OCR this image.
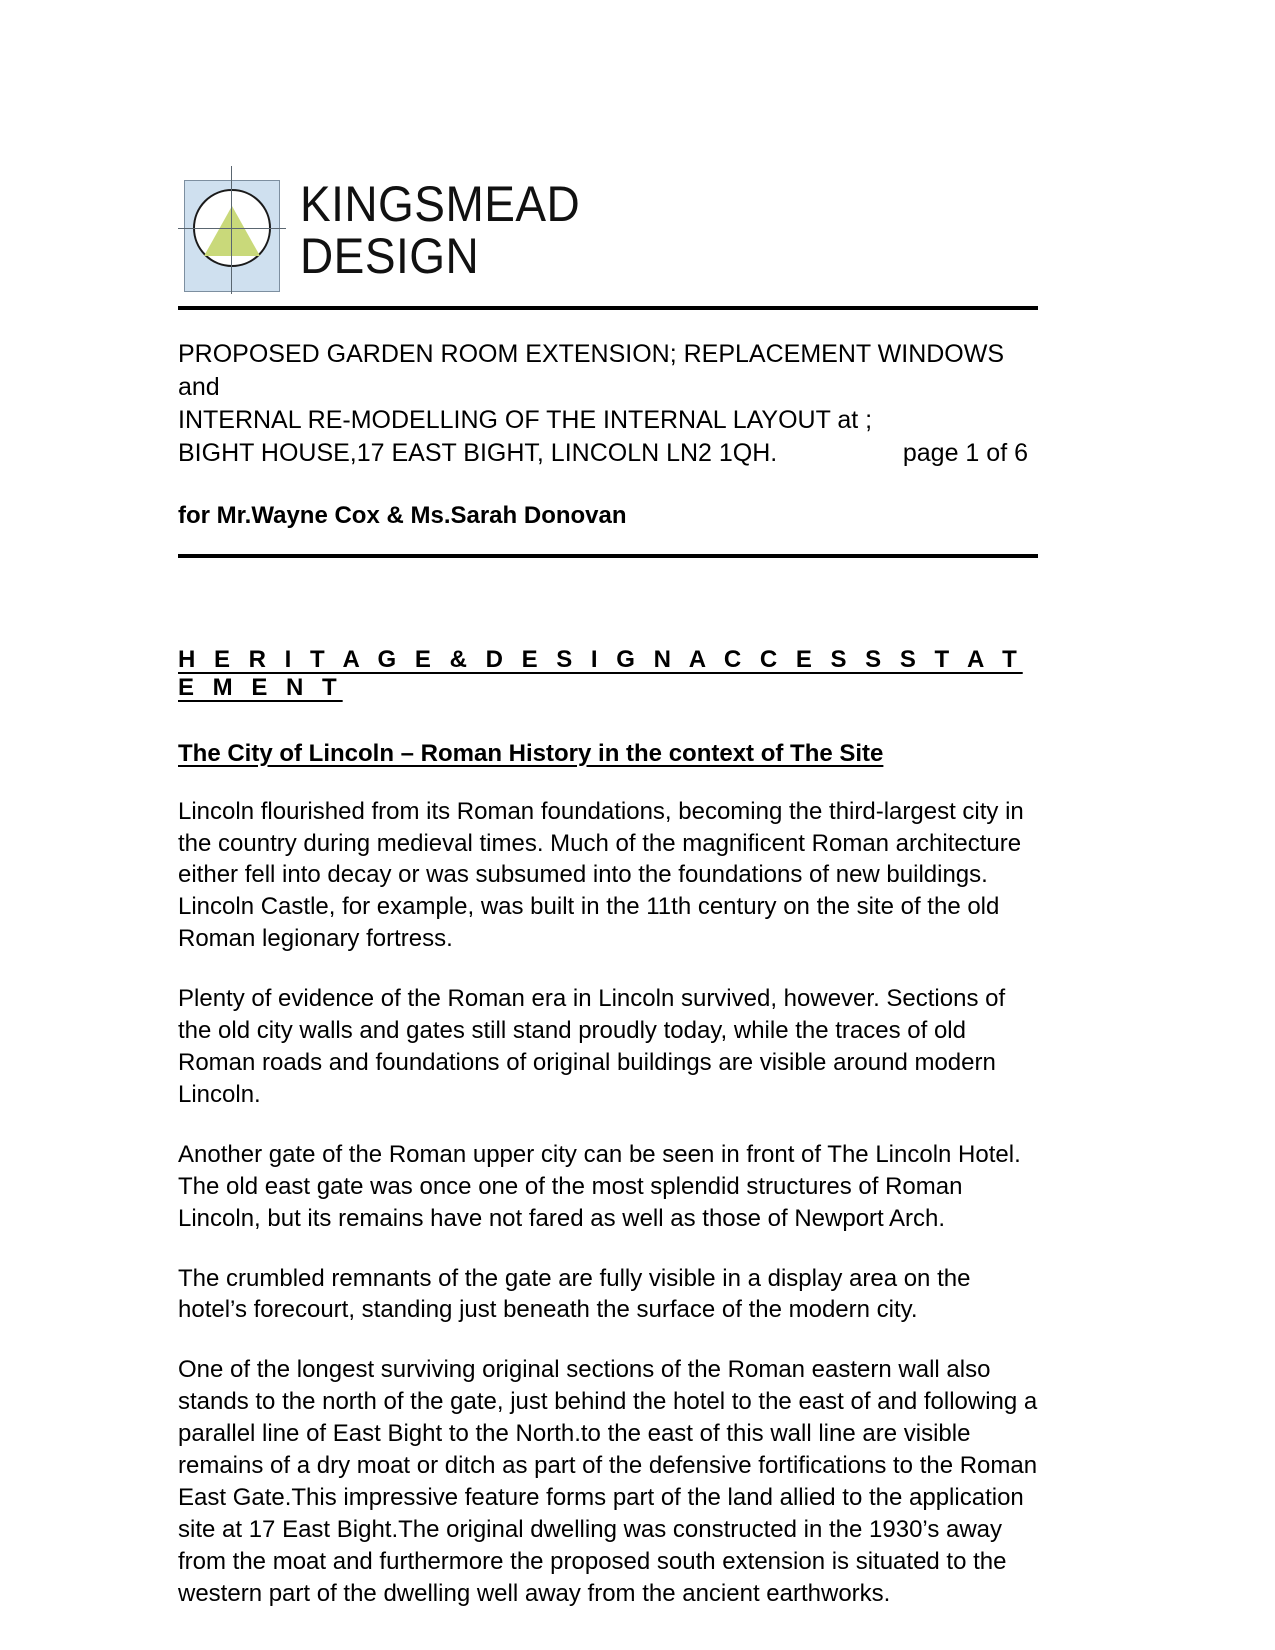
KINGSMEAD
DESIGN
PROPOSED GARDEN ROOM EXTENSION; REPLACEMENT WINDOWS and
INTERNAL RE-MODELLING OF THE INTERNAL LAYOUT at ;
BIGHT HOUSE,17 EAST BIGHT, LINCOLN LN2 1QH.	page 1 of 6
for Mr.Wayne Cox & Ms.Sarah Donovan
H E R I T A G E & D E S I G N A C C E S S S T A T E M E N T
The City of Lincoln – Roman History in the context of The Site

Lincoln flourished from its Roman foundations, becoming the third-largest city in the country during medieval times. Much of the magnificent Roman architecture either fell into decay or was subsumed into the foundations of new buildings. Lincoln Castle, for example, was built in the 11th century on the site of the old Roman legionary fortress.

Plenty of evidence of the Roman era in Lincoln survived, however. Sections of the old city walls and gates still stand proudly today, while the traces of old Roman roads and foundations of original buildings are visible around modern Lincoln.

Another gate of the Roman upper city can be seen in front of The Lincoln Hotel. The old east gate was once one of the most splendid structures of Roman Lincoln, but its remains have not fared as well as those of Newport Arch.

The crumbled remnants of the gate are fully visible in a display area on the hotel’s forecourt, standing just beneath the surface of the modern city.

One of the longest surviving original sections of the Roman eastern wall also stands to the north of the gate, just behind the hotel to the east of and following a parallel line of East Bight to the North.to the east of this wall line are visible remains of a dry moat or ditch as part of the defensive fortifications to the Roman East Gate.This impressive feature forms part of the land allied to the application site at 17 East Bight.The original dwelling was constructed in the 1930’s away from the moat and furthermore the proposed south extension is situated to the western part of the dwelling well away from the ancient earthworks.
